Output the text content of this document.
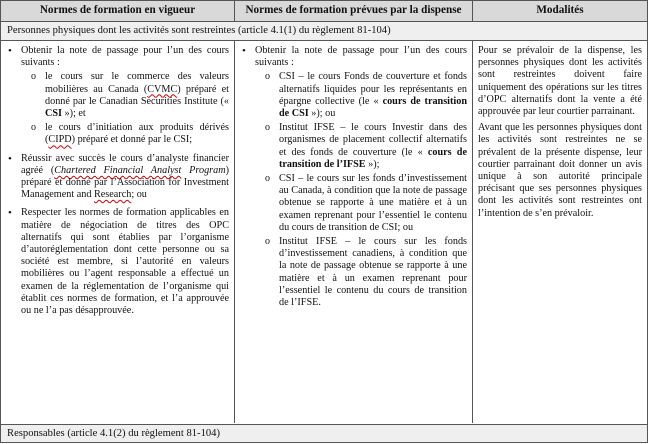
Normes de formation en vigueur	Normes de formation prévues par la dispense	Modalités
Personnes physiques dont les activités sont restreintes (article 4.1(1) du règlement 81-104)
• Obtenir la note de passage pour l’un des cours suivants :
o le cours sur le commerce des valeurs mobilières au Canada (CVMC) préparé et donné par le Canadian Securities Institute (« CSI »); et
o le cours d’initiation aux produits dérivés (CIPD) préparé et donné par le CSI;
• Réussir avec succès le cours d’analyste financier agréé (Chartered Financial Analyst Program) préparé et donné par l’Association for Investment Management and Research; ou
• Respecter les normes de formation applicables en matière de négociation de titres des OPC alternatifs qui sont établies par l’organisme d’autoréglementation dont cette personne ou sa société est membre, si l’autorité en valeurs mobilières ou l’agent responsable a effectué un examen de la réglementation de l’organisme qui établit ces normes de formation, et l’a approuvée ou ne l’a pas désapprouvée.
• Obtenir la note de passage pour l’un des cours suivants :
o CSI – le cours Fonds de couverture et fonds alternatifs liquides pour les représentants en épargne collective (le « cours de transition de CSI »); ou
o Institut IFSE – le cours Investir dans des organismes de placement collectif alternatifs et des fonds de couverture (le « cours de transition de l’IFSE »);
o CSI – le cours sur les fonds d’investissement au Canada, à condition que la note de passage obtenue se rapporte à une matière et à un examen reprenant pour l’essentiel le contenu du cours de transition de CSI; ou
o Institut IFSE – le cours sur les fonds d’investissement canadiens, à condition que la note de passage obtenue se rapporte à une matière et à un examen reprenant pour l’essentiel le contenu du cours de transition de l’IFSE.

Pour se prévaloir de la dispense, les personnes physiques dont les activités sont restreintes doivent faire uniquement des opérations sur les titres d’OPC alternatifs dont la vente a été approuvée par leur courtier parrainant.

Avant que les personnes physiques dont les activités sont restreintes ne se prévalent de la présente dispense, leur courtier parrainant doit donner un avis unique à son autorité principale précisant que ses personnes physiques dont les activités sont restreintes ont l’intention de s’en prévaloir.

Responsables (article 4.1(2) du règlement 81-104)
